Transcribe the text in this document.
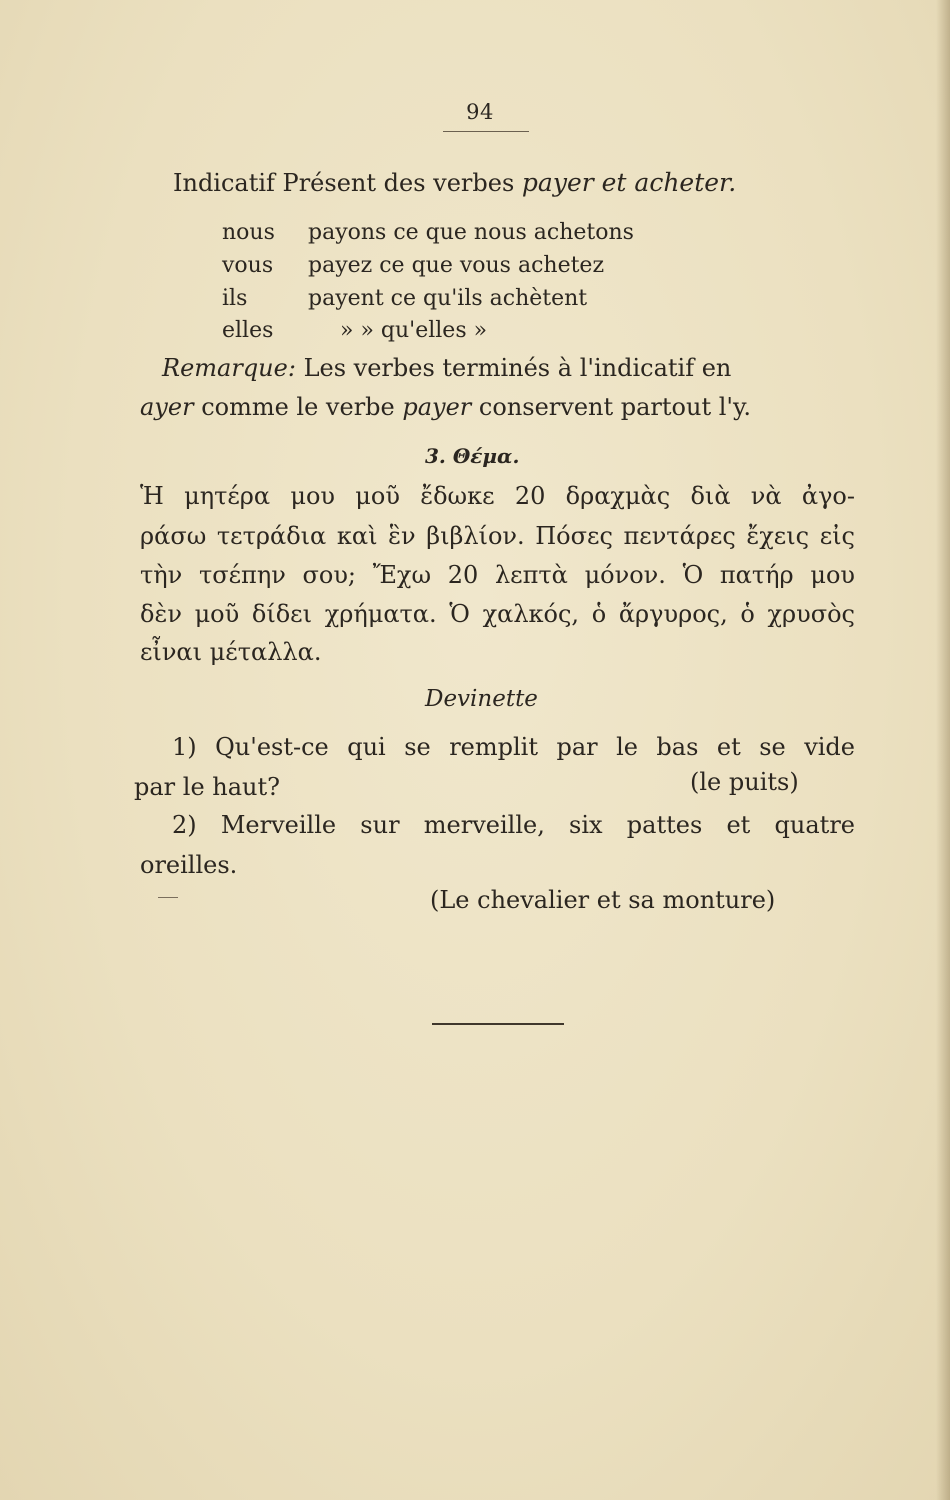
94
Indicatif Présent des verbes payer et acheter.
nous payons ce que nous achetons
vous payez ce que vous achetez
ils	payent ce qu'ils achètent
elles	» » qu'elles »
Remarque: Les verbes terminés à l'indicatif en
ayer comme le verbe payer conservent partout l'y.
3. Θέμα.
Ἡ μητέρα μου μοῦ ἔδωκε 20 δραχμὰς διὰ νὰ ἀγο-
ράσω τετράδια καὶ ἓν βιβλίον. Πόσες πεντάρες ἔχεις εἰς
τὴν τσέπην σου; Ἔχω 20 λεπτὰ μόνον. Ὁ πατήρ μου
δὲν μοῦ δίδει χρήματα. Ὁ χαλκός, ὁ ἄργυρος, ὁ χρυσὸς
εἶναι μέταλλα.
Devinette
1) Qu'est-ce qui se remplit par le bas et se vide
par le haut?	(le puits)
2) Merveille sur merveille, six pattes et quatre
oreilles.
(Le chevalier et sa monture)
